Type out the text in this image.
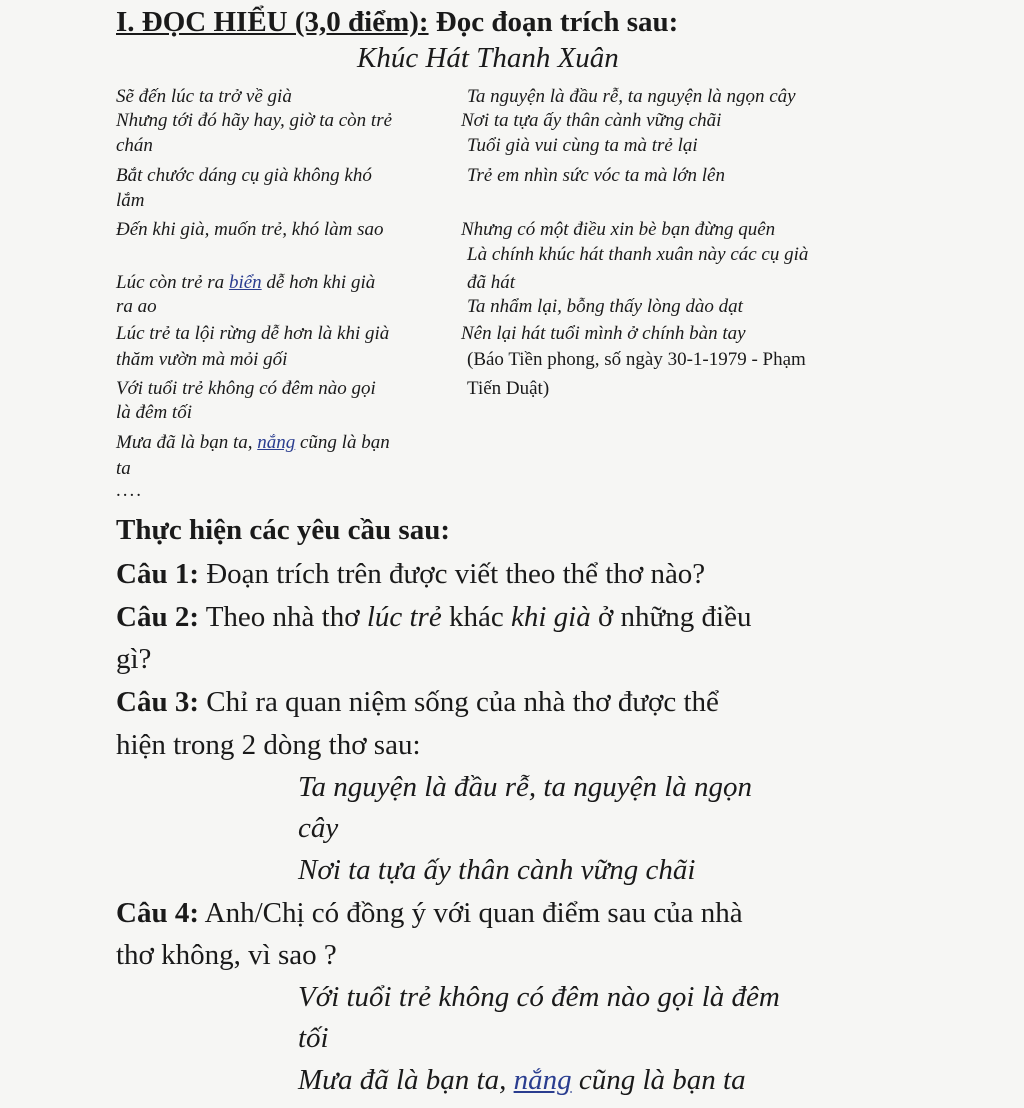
I. ĐỌC HIỂU (3,0 điểm): Đọc đoạn trích sau:
Khúc Hát Thanh Xuân
Sẽ đến lúc ta trở về già
Nhưng tới đó hãy hay, giờ ta còn trẻ
chán
Bắt chước dáng cụ già không khó
lắm
Đến khi già, muốn trẻ, khó làm sao
Lúc còn trẻ ra biển dễ hơn khi già
ra ao
Lúc trẻ ta lội rừng dễ hơn là khi già
thăm vườn mà mỏi gối
Với tuổi trẻ không có đêm nào gọi
là đêm tối
Mưa đã là bạn ta, nắng cũng là bạn
ta
....
Ta nguyện là đầu rễ, ta nguyện là ngọn cây
Nơi ta tựa ấy thân cành vững chãi
Tuổi già vui cùng ta mà trẻ lại
Trẻ em nhìn sức vóc ta mà lớn lên
Nhưng có một điều xin bè bạn đừng quên
Là chính khúc hát thanh xuân này các cụ già
đã hát
Ta nhẩm lại, bỗng thấy lòng dào dạt
Nên lại hát tuổi mình ở chính bàn tay
(Báo Tiền phong, số ngày 30-1-1979 - Phạm
Tiến Duật)
Thực hiện các yêu cầu sau:
Câu 1: Đoạn trích trên được viết theo thể thơ nào?
Câu 2: Theo nhà thơ lúc trẻ khác khi già ở những điều
gì?
Câu 3: Chỉ ra quan niệm sống của nhà thơ được thể
hiện trong 2 dòng thơ sau:
Ta nguyện là đầu rễ, ta nguyện là ngọn
cây
Nơi ta tựa ấy thân cành vững chãi
Câu 4: Anh/Chị có đồng ý với quan điểm sau của nhà
thơ không, vì sao ?
Với tuổi trẻ không có đêm nào gọi là đêm
tối
Mưa đã là bạn ta, nắng cũng là bạn ta
